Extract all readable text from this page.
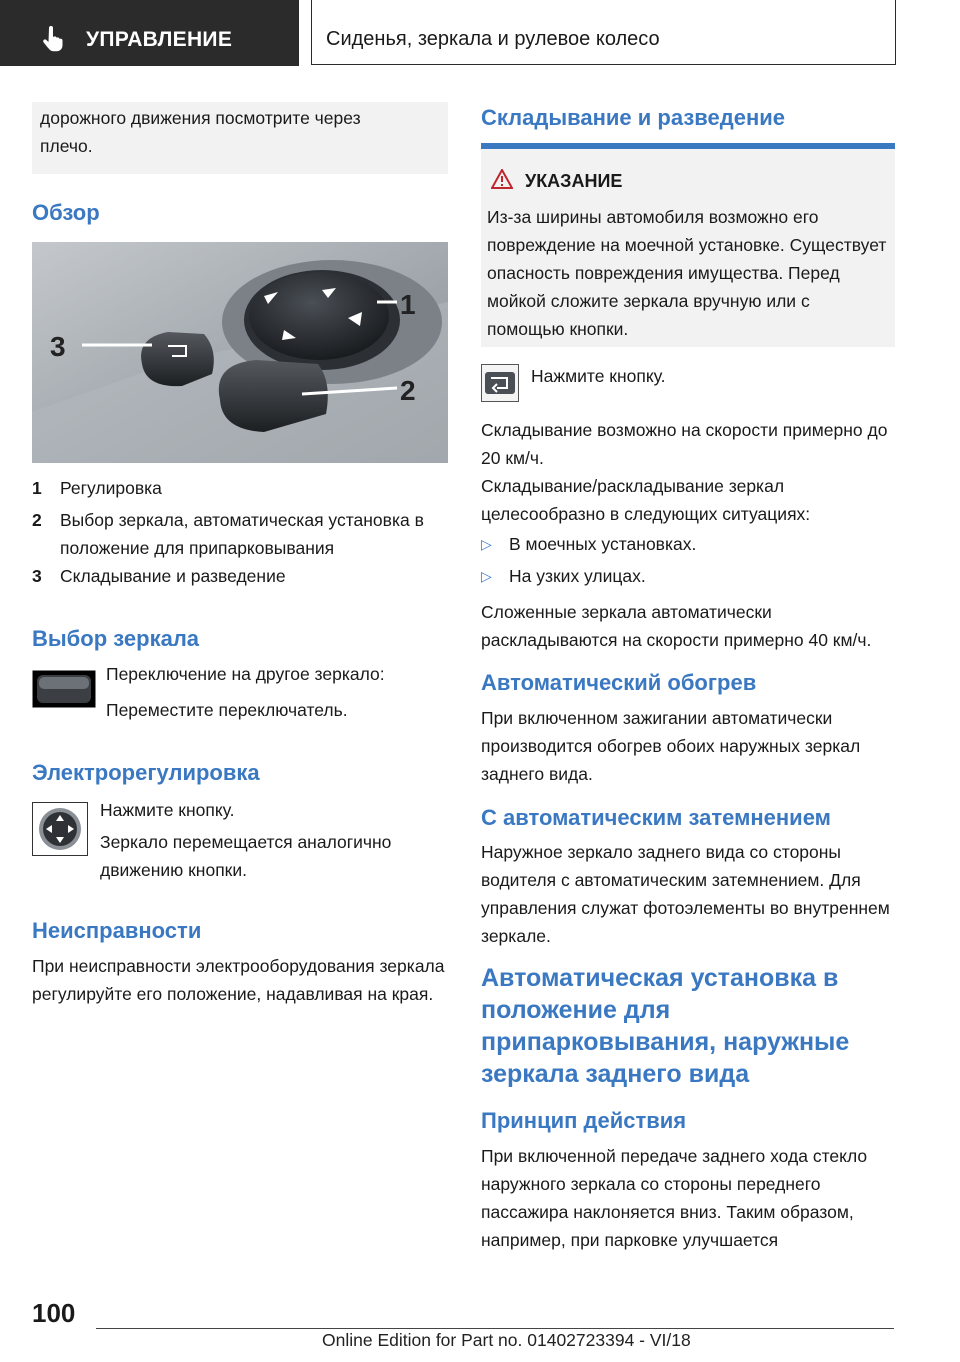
УПРАВЛЕНИЕ	Сиденья, зеркала и рулевое колесо

дорожного движения посмотрите через плечо.

Обзор
3
1
2
1 Регулировка
2 Выбор зеркала, автоматическая установка в положение для припарковывания
3 Складывание и разведение
Выбор зеркала

Переключение на другое зеркало:

Переместите переключатель.

Электрорегулировка

Нажмите кнопку.

Зеркало перемещается аналогично движению кнопки.

Неисправности

При неисправности электрооборудования зеркала регулируйте его положение, надавливая на края.

Складывание и разведение
УКАЗАНИЕ

Из-за ширины автомобиля возможно его повреждение на моечной установке. Существует опасность повреждения имущества. Перед мойкой сложите зеркала вручную или с помощью кнопки.

Нажмите кнопку.

Складывание возможно на скорости примерно до 20 км/ч.

Складывание/раскладывание зеркал целесообразно в следующих ситуациях:

▷ В моечных установках.
▷ На узких улицах.

Сложенные зеркала автоматически раскладываются на скорости примерно 40 км/ч.

Автоматический обогрев

При включенном зажигании автоматически производится обогрев обоих наружных зеркал заднего вида.

С автоматическим затемнением

Наружное зеркало заднего вида со стороны водителя с автоматическим затемнением. Для управления служат фотоэлементы во внутреннем зеркале.

Автоматическая установка в положение для припарковывания, наружные зеркала заднего вида
Принцип действия

При включенной передаче заднего хода стекло наружного зеркала со стороны переднего пассажира наклоняется вниз. Таким образом, например, при парковке улучшается

100
Online Edition for Part no. 01402723394 - VI/18
